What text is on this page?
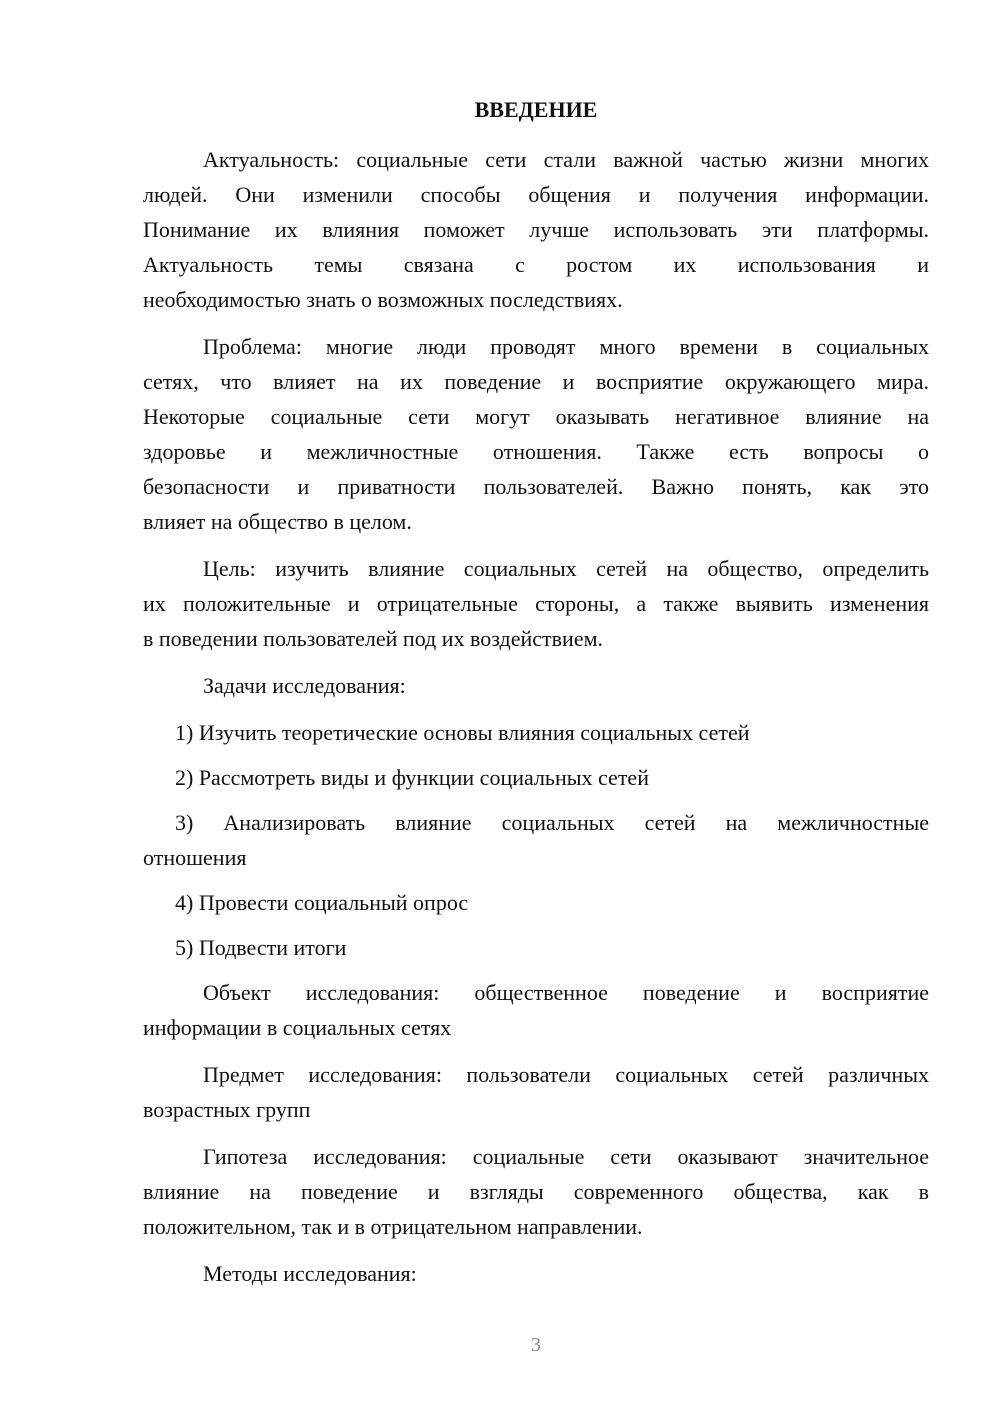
ВВЕДЕНИЕ
Актуальность: социальные сети стали важной частью жизни многих
людей. Они изменили способы общения и получения информации.
Понимание их влияния поможет лучше использовать эти платформы.
Актуальность темы связана с ростом их использования и
необходимостью знать о возможных последствиях.
Проблема: многие люди проводят много времени в социальных
сетях, что влияет на их поведение и восприятие окружающего мира.
Некоторые социальные сети могут оказывать негативное влияние на
здоровье и межличностные отношения. Также есть вопросы о
безопасности и приватности пользователей. Важно понять, как это
влияет на общество в целом.
Цель: изучить влияние социальных сетей на общество, определить
их положительные и отрицательные стороны, а также выявить изменения
в поведении пользователей под их воздействием.
Задачи исследования:
1) Изучить теоретические основы влияния социальных сетей
2) Рассмотреть виды и функции социальных сетей
3) Анализировать влияние социальных сетей на межличностные
отношения
4) Провести социальный опрос
5) Подвести итоги
Объект исследования: общественное поведение и восприятие
информации в социальных сетях
Предмет исследования: пользователи социальных сетей различных
возрастных групп
Гипотеза исследования: социальные сети оказывают значительное
влияние на поведение и взгляды современного общества, как в
положительном, так и в отрицательном направлении.
Методы исследования:
3
